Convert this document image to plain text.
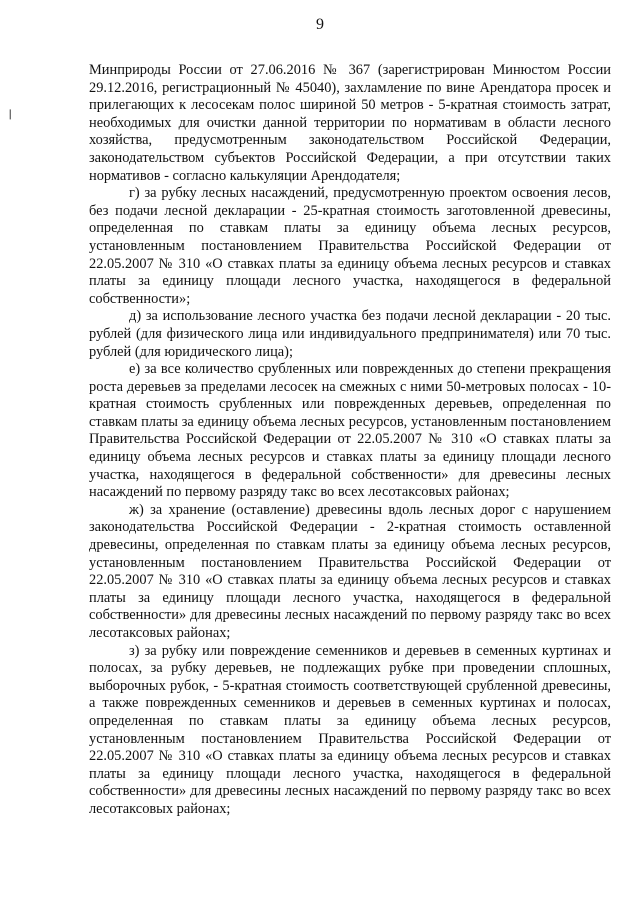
9
❘

Минприроды России от 27.06.2016 № 367 (зарегистрирован Минюстом России 29.12.2016, регистрационный № 45040), захламление по вине Арендатора просек и прилегающих к лесосекам полос шириной 50 метров - 5-кратная стоимость затрат, необходимых для очистки данной территории по нормативам в области лесного хозяйства, предусмотренным законодательством Российской Федерации, законодательством субъектов Российской Федерации, а при отсутствии таких нормативов - согласно калькуляции Арендодателя;

г) за рубку лесных насаждений, предусмотренную проектом освоения лесов, без подачи лесной декларации - 25-кратная стоимость заготовленной древесины, определенная по ставкам платы за единицу объема лесных ресурсов, установленным постановлением Правительства Российской Федерации от 22.05.2007 № 310 «О ставках платы за единицу объема лесных ресурсов и ставках платы за единицу площади лесного участка, находящегося в федеральной собственности»;

д) за использование лесного участка без подачи лесной декларации - 20 тыс. рублей (для физического лица или индивидуального предпринимателя) или 70 тыс. рублей (для юридического лица);

е) за все количество срубленных или поврежденных до степени прекращения роста деревьев за пределами лесосек на смежных с ними 50-метровых полосах - 10-кратная стоимость срубленных или поврежденных деревьев, определенная по ставкам платы за единицу объема лесных ресурсов, установленным постановлением Правительства Российской Федерации от 22.05.2007 № 310 «О ставках платы за единицу объема лесных ресурсов и ставках платы за единицу площади лесного участка, находящегося в федеральной собственности» для древесины лесных насаждений по первому разряду такс во всех лесотаксовых районах;

ж) за хранение (оставление) древесины вдоль лесных дорог с нарушением законодательства Российской Федерации - 2-кратная стоимость оставленной древесины, определенная по ставкам платы за единицу объема лесных ресурсов, установленным постановлением Правительства Российской Федерации от 22.05.2007 № 310 «О ставках платы за единицу объема лесных ресурсов и ставках платы за единицу площади лесного участка, находящегося в федеральной собственности» для древесины лесных насаждений по первому разряду такс во всех лесотаксовых районах;

з) за рубку или повреждение семенников и деревьев в семенных куртинах и полосах, за рубку деревьев, не подлежащих рубке при проведении сплошных, выборочных рубок, - 5-кратная стоимость соответствующей срубленной древесины, а также поврежденных семенников и деревьев в семенных куртинах и полосах, определенная по ставкам платы за единицу объема лесных ресурсов, установленным постановлением Правительства Российской Федерации от 22.05.2007 № 310 «О ставках платы за единицу объема лесных ресурсов и ставках платы за единицу площади лесного участка, находящегося в федеральной собственности» для древесины лесных насаждений по первому разряду такс во всех лесотаксовых районах;
